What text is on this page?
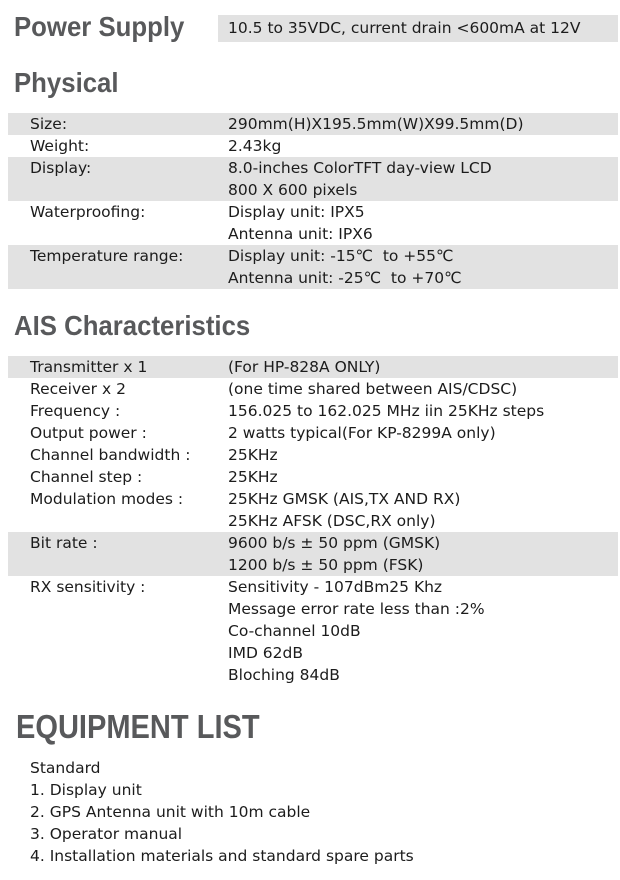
Power Supply	10.5 to 35VDC, current drain <600mA at 12V
Physical
Size:	290mm(H)X195.5mm(W)X99.5mm(D)
Weight:	2.43kg
Display:	8.0-inches ColorTFT day-view LCD
800 X 600 pixels
Waterproofing:	Display unit: IPX5
Antenna unit: IPX6
Temperature range:	Display unit: -15℃  to +55℃
Antenna unit: -25℃  to +70℃
AIS Characteristics
Transmitter x 1	(For HP-828A ONLY)
Receiver x 2	(one time shared between AIS/CDSC)
Frequency :	156.025 to 162.025 MHz iin 25KHz steps
Output power :	2 watts typical(For KP-8299A only)
Channel bandwidth :	25KHz
Channel step :	25KHz
Modulation modes :	25KHz GMSK (AIS,TX AND RX)
25KHz AFSK (DSC,RX only)
Bit rate :	9600 b/s ± 50 ppm (GMSK)
1200 b/s ± 50 ppm (FSK)
RX sensitivity :	Sensitivity - 107dBm25 Khz
Message error rate less than :2%
Co-channel 10dB
IMD 62dB
Bloching 84dB
EQUIPMENT LIST
Standard
1. Display unit
2. GPS Antenna unit with 10m cable
3. Operator manual
4. Installation materials and standard spare parts
